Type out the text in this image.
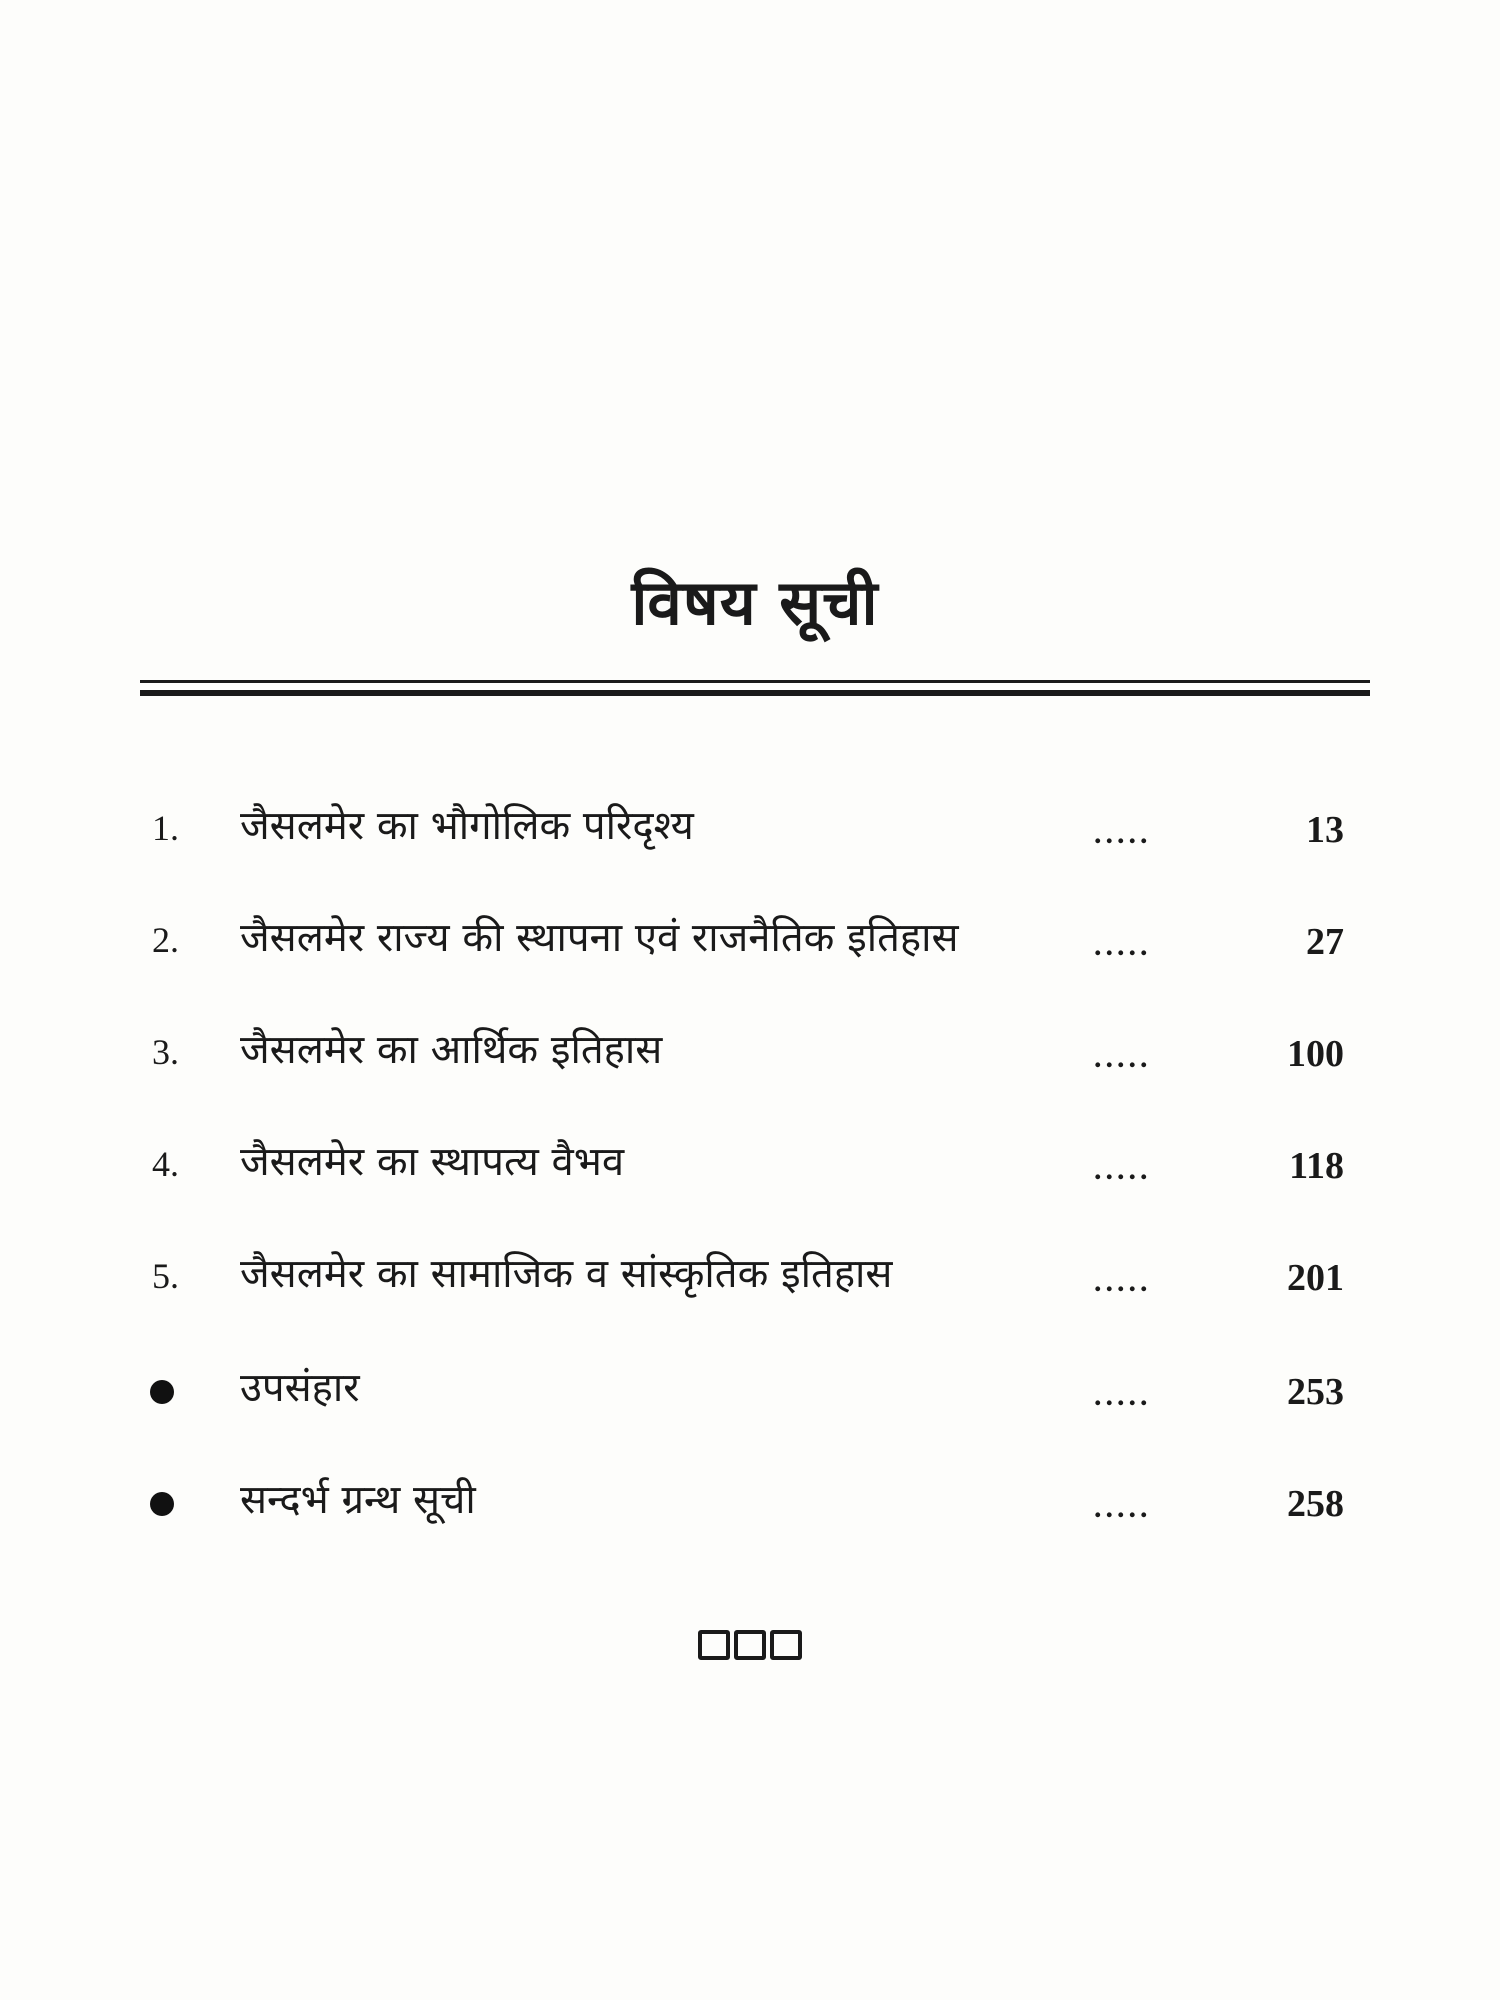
विषय सूची
1. जैसलमेर का भौगोलिक परिदृश्य	.....	13
2. जैसलमेर राज्य की स्थापना एवं राजनैतिक इतिहास	.....	27
3. जैसलमेर का आर्थिक इतिहास	.....	100
4. जैसलमेर का स्थापत्य वैभव	.....	118
5. जैसलमेर का सामाजिक व सांस्कृतिक इतिहास	.....	201
उपसंहार	.....	253
सन्दर्भ ग्रन्थ सूची	.....	258
